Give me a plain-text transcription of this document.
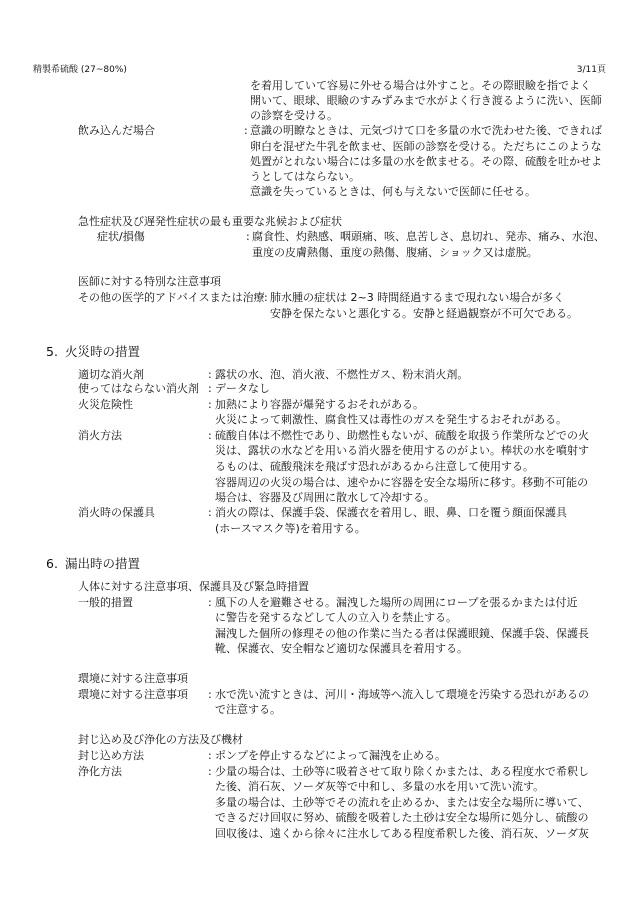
精製希硫酸 (27~80%)	3/11頁
を着用していて容易に外せる場合は外すこと。その際眼瞼を指でよく
開いて、眼球、眼瞼のすみずみまで水がよく行き渡るように洗い、医師
の診察を受ける。
飲み込んだ場合	: 意識の明瞭なときは、元気づけて口を多量の水で洗わせた後、できれば
卵白を混ぜた牛乳を飲ませ、医師の診察を受ける。ただちにこのような
処置がとれない場合には多量の水を飲ませる。その際、硫酸を吐かせよ
うとしてはならない。
意識を失っているときは、何も与えないで医師に任せる。
急性症状及び遅発性症状の最も重要な兆候および症状
症状/損傷	: 腐食性、灼熱感、咽頭痛、咳、息苦しさ、息切れ、発赤、痛み、水泡、
重度の皮膚熱傷、重度の熱傷、腹痛、ショック又は虚脱。
医師に対する特別な注意事項
その他の医学的アドバイスまたは治療 : 肺水腫の症状は 2~3 時間経過するまで現れない場合が多く
安静を保たないと悪化する。安静と経過観察が不可欠である。
5. 火災時の措置
適切な消火剤	: 露状の水、泡、消火液、不燃性ガス、粉末消火剤。
使ってはならない消火剤 : データなし
火災危険性	: 加熱により容器が爆発するおそれがある。
火災によって刺激性、腐食性又は毒性のガスを発生するおそれがある。
消火方法	: 硫酸自体は不燃性であり、助燃性もないが、硫酸を取扱う作業所などでの火
災は、露状の水などを用いる消火器を使用するのがよい。棒状の水を噴射す
るものは、硫酸飛沫を飛ばす恐れがあるから注意して使用する。
容器周辺の火災の場合は、速やかに容器を安全な場所に移す。移動不可能の
場合は、容器及び周囲に散水して冷却する。
消火時の保護具	: 消火の際は、保護手袋、保護衣を着用し、眼、鼻、口を覆う顔面保護具
(ホースマスク等)を着用する。
6. 漏出時の措置
人体に対する注意事項、保護具及び緊急時措置
一般的措置	: 風下の人を避難させる。漏洩した場所の周囲にロープを張るかまたは付近
に警告を発するなどして人の立入りを禁止する。
漏洩した個所の修理その他の作業に当たる者は保護眼鏡、保護手袋、保護長
靴、保護衣、安全帽など適切な保護具を着用する。
環境に対する注意事項
環境に対する注意事項 : 水で洗い流すときは、河川・海域等へ流入して環境を汚染する恐れがあるの
で注意する。
封じ込め及び浄化の方法及び機材
封じ込め方法	: ポンプを停止するなどによって漏洩を止める。
浄化方法	: 少量の場合は、土砂等に吸着させて取り除くかまたは、ある程度水で希釈し
た後、消石灰、ソーダ灰等で中和し、多量の水を用いて洗い流す。
多量の場合は、土砂等でその流れを止めるか、または安全な場所に導いて、
できるだけ回収に努め、硫酸を吸着した土砂は安全な場所に処分し、硫酸の
回収後は、遠くから徐々に注水してある程度希釈した後、消石灰、ソーダ灰
